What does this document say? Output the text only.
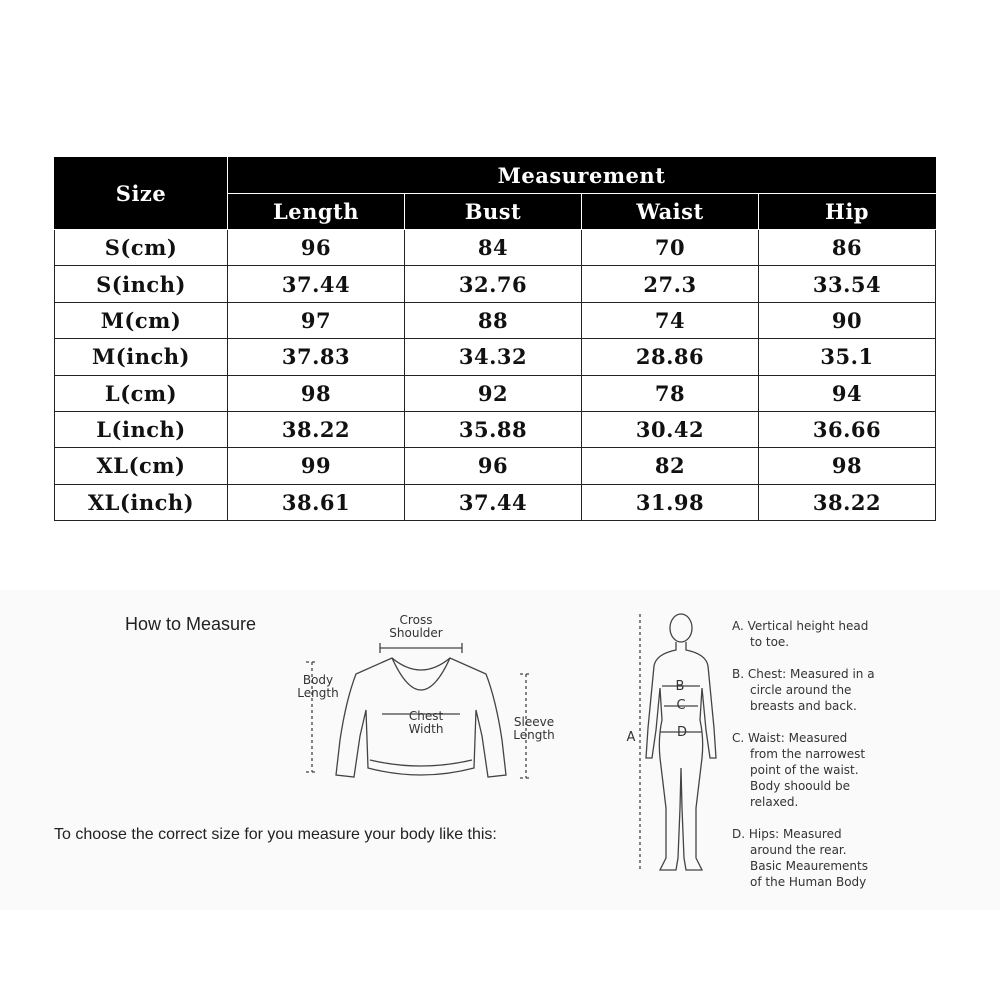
Size	Measurement			
	Length	Bust	Waist	Hip
S(cm)	96	84	70	86
S(inch)	37.44	32.76	27.3	33.54
M(cm)	97	88	74	90
M(inch)	37.83	34.32	28.86	35.1
L(cm)	98	92	78	94
L(inch)	38.22	35.88	30.42	36.66
XL(cm)	99	96	82	98
XL(inch)	38.61	37.44	31.98	38.22
How to Measure
To choose the correct size for you measure your body like this:
Cross
Shoulder
Body
Length
Chest
Width	Sleeve
Length	A
B
C
D
A. Vertical height head
to toe.
B. Chest: Measured in a
circle around the
breasts and back.
C. Waist: Measured
from the narrowest
point of the waist.
Body shoould be
relaxed.
D. Hips: Measured
around the rear.
Basic Meaurements
of the Human Body
